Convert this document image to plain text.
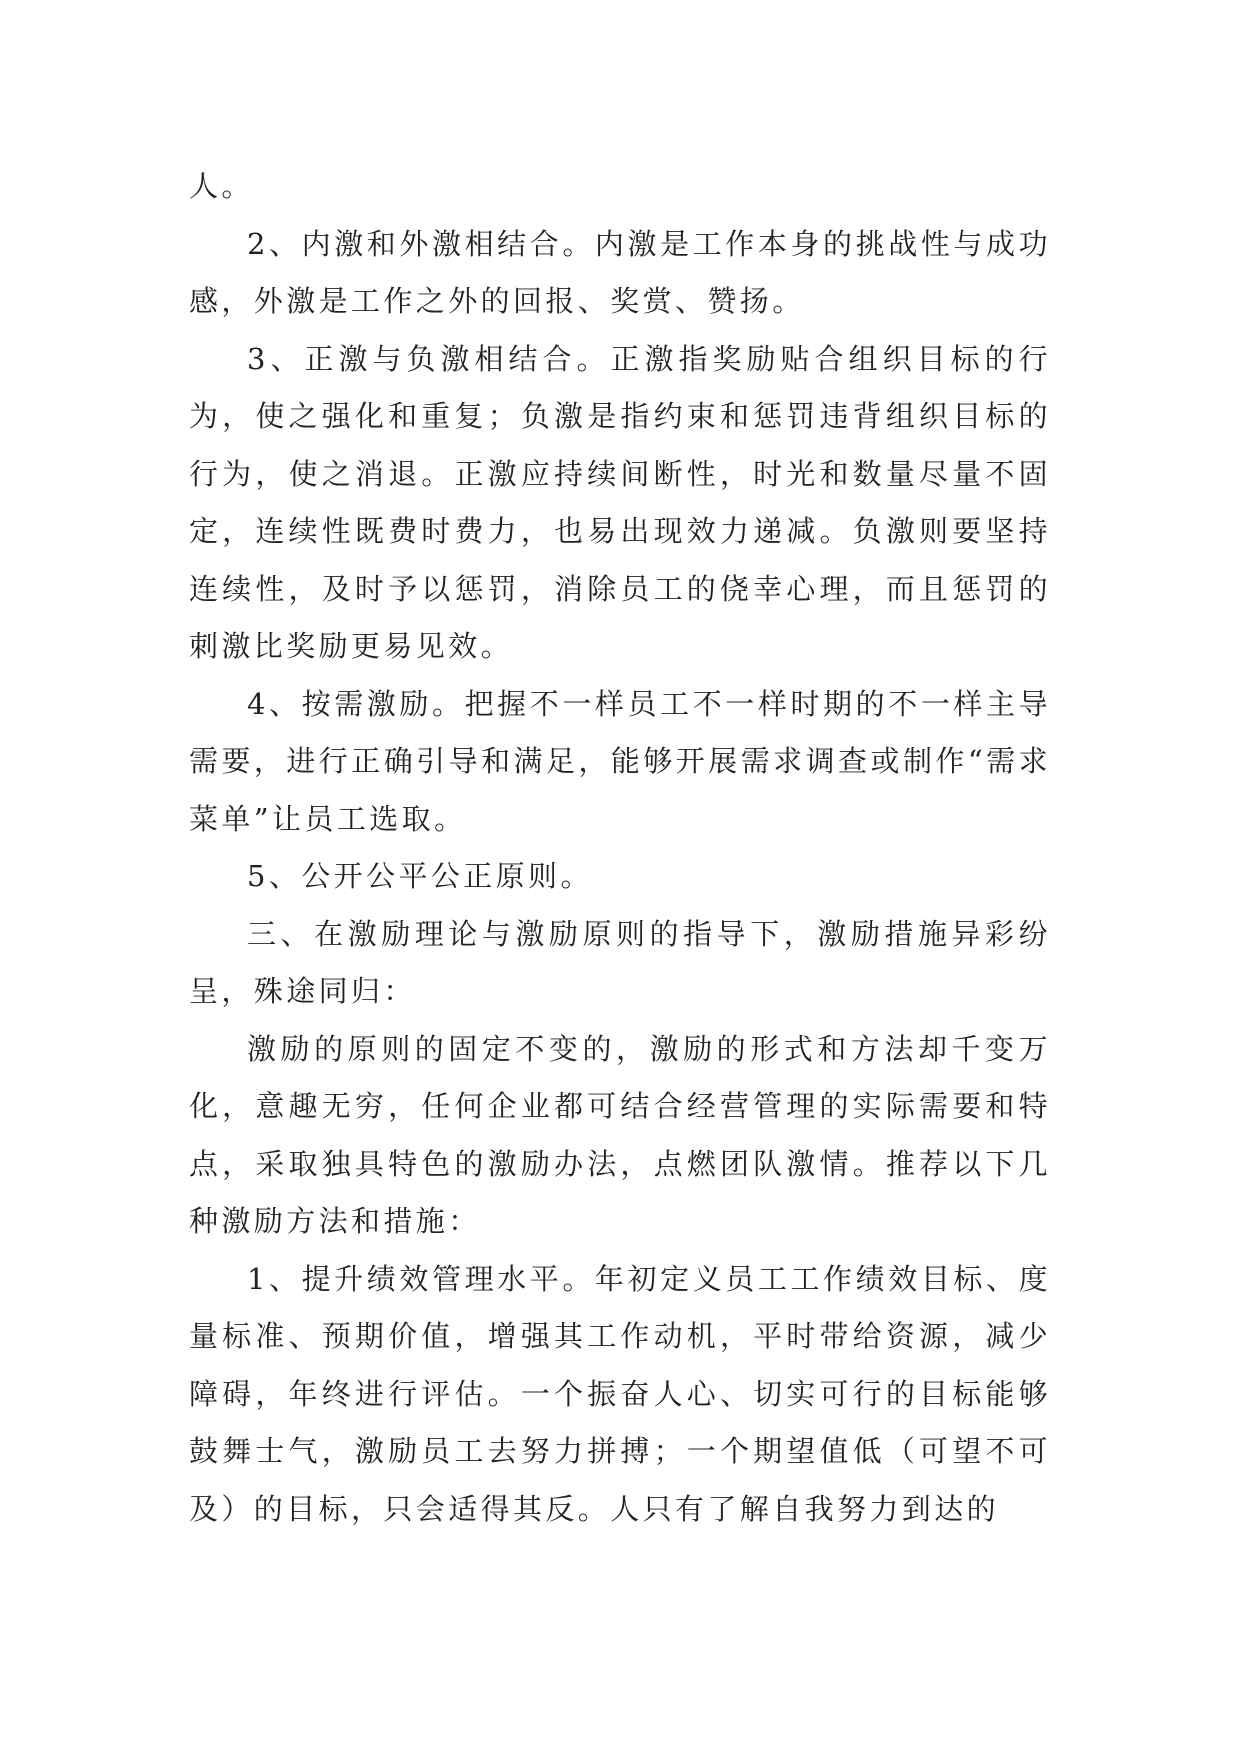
人。

2、内激和外激相结合。内激是工作本身的挑战性与成功感，外激是工作之外的回报、奖赏、赞扬。

3、正激与负激相结合。正激指奖励贴合组织目标的行为，使之强化和重复；负激是指约束和惩罚违背组织目标的行为，使之消退。正激应持续间断性，时光和数量尽量不固定，连续性既费时费力，也易出现效力递减。负激则要坚持连续性，及时予以惩罚，消除员工的侥幸心理，而且惩罚的刺激比奖励更易见效。

4、按需激励。把握不一样员工不一样时期的不一样主导需要，进行正确引导和满足，能够开展需求调查或制作“需求菜单”让员工选取。

5、公开公平公正原则。

三、在激励理论与激励原则的指导下，激励措施异彩纷呈，殊途同归：

激励的原则的固定不变的，激励的形式和方法却千变万化，意趣无穷，任何企业都可结合经营管理的实际需要和特点，采取独具特色的激励办法，点燃团队激情。推荐以下几种激励方法和措施：

1、提升绩效管理水平。年初定义员工工作绩效目标、度量标准、预期价值，增强其工作动机，平时带给资源，减少障碍，年终进行评估。一个振奋人心、切实可行的目标能够鼓舞士气，激励员工去努力拼搏；一个期望值低（可望不可及）的目标，只会适得其反。人只有了解自我努力到达的
